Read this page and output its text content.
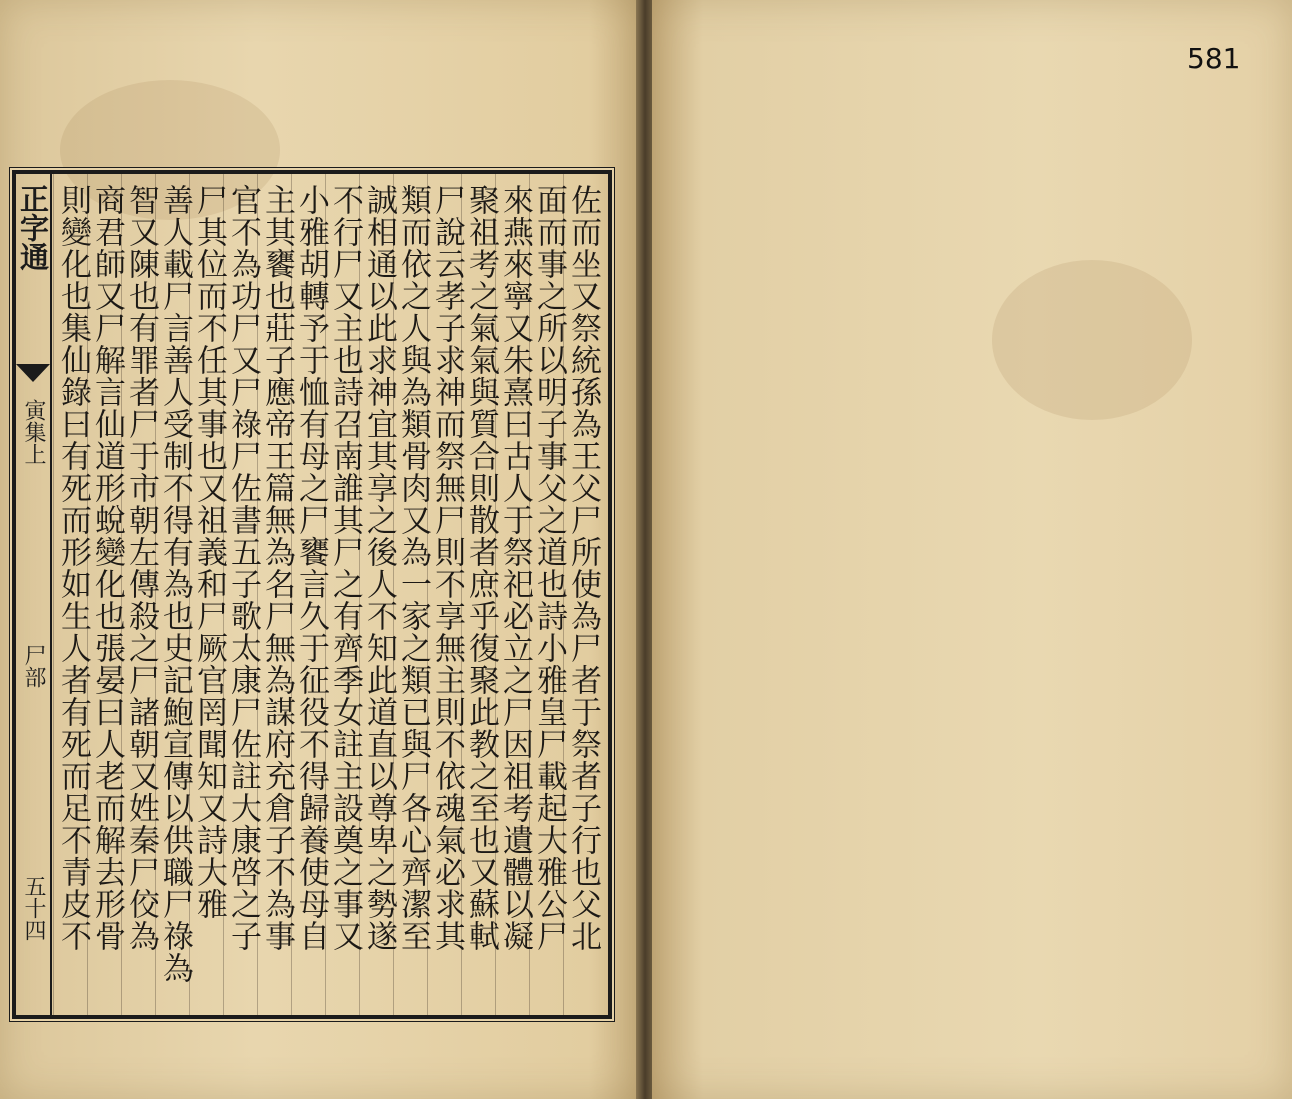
正字通
寅集上
尸部
五十四	佐而坐又祭統孫為王父尸所使為尸者于祭者子行也父北
面而事之所以明子事父之道也詩小雅皇尸載起大雅公尸
來燕來寧又朱熹曰古人于祭祀必立之尸因祖考遺體以凝
聚祖考之氣氣與質合則散者庶乎復聚此教之至也又蘇軾
尸說云孝子求神而祭無尸則不享無主則不依魂氣必求其
類而依之人與為類骨肉又為一家之類已與尸各心齊潔至
誠相通以此求神宜其享之後人不知此道直以尊卑之勢遂
不行尸又主也詩召南誰其尸之有齊季女註主設奠之事又
小雅胡轉予于恤有母之尸饔言久于征役不得歸養使母自
主其饔也莊子應帝王篇無為名尸無為謀府充倉子不為事
官不為功尸又尸祿尸佐書五子歌太康尸佐註大康啓之子
尸其位而不任其事也又祖義和尸厥官罔聞知又詩大雅
善人載尸言善人受制不得有為也史記鮑宣傳以供職尸祿為
智又陳也有罪者尸于市朝左傳殺之尸諸朝又姓秦尸佼為
商君師又尸解言仙道形蛻變化也張晏曰人老而解去形骨
則變化也集仙錄曰有死而形如生人者有死而足不青皮不
581
